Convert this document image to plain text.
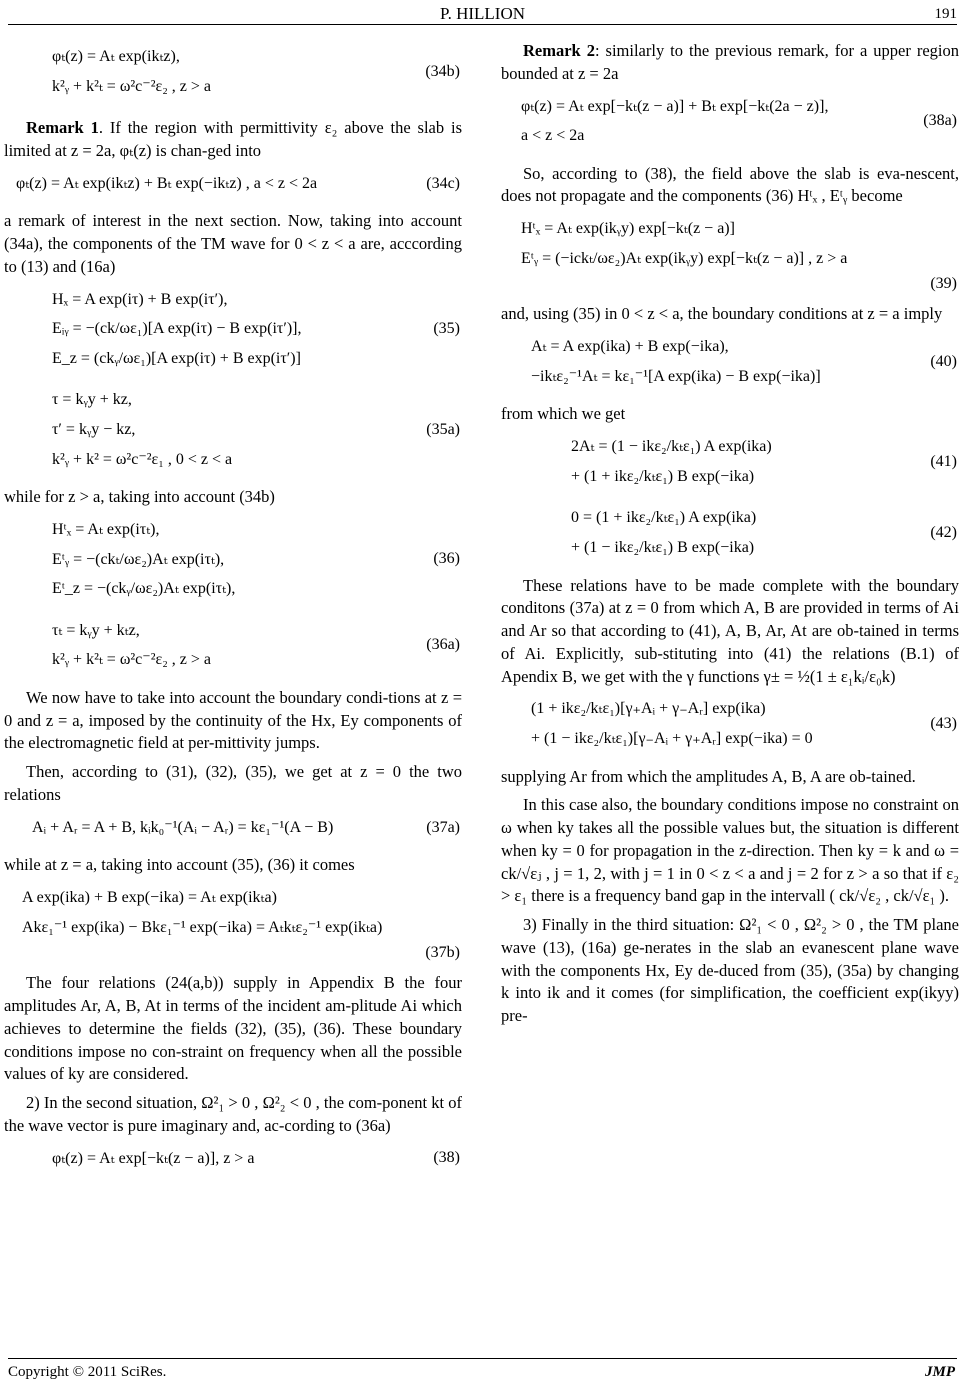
P. HILLION	191
φₜ(z) = Aₜ exp(ikₜz),
k²ᵧ + k²ₜ = ω²c⁻²ε₂ , z > a
(34b)

Remark 1. If the region with permittivity ε₂ above the slab is limited at z = 2a, φₜ(z) is chan-ged into

φₜ(z) = Aₜ exp(ikₜz) + Bₜ exp(−ikₜz) , a < z < 2a	(34c)

a remark of interest in the next section. Now, taking into account (34a), the components of the TM wave for 0 < z < a are, acccording to (13) and (16a)

Hₓ = A exp(iτ) + B exp(iτ′),
Eᵢᵧ = −(ck/ωε₁)[A exp(iτ) − B exp(iτ′)],
E_z = (ckᵧ/ωε₁)[A exp(iτ) + B exp(iτ′)]
(35)
τ = kᵧy + kz,
τ′ = kᵧy − kz,
k²ᵧ + k² = ω²c⁻²ε₁ , 0 < z < a
(35a)

while for z > a, taking into account (34b)

Hᵗₓ = Aₜ exp(iτₜ),
Eᵗᵧ = −(ckₜ/ωε₂)Aₜ exp(iτₜ),
Eᵗ_z = −(ckᵧ/ωε₂)Aₜ exp(iτₜ),
(36)
τₜ = kᵧy + kₜz,
k²ᵧ + k²ₜ = ω²c⁻²ε₂ , z > a
(36a)

We now have to take into account the boundary condi-tions at z = 0 and z = a, imposed by the continuity of the Hx, Ey components of the electromagnetic field at per-mittivity jumps.

Then, according to (31), (32), (35), we get at z = 0 the two relations

Aᵢ + Aᵣ = A + B, kᵢk₀⁻¹(Aᵢ − Aᵣ) = kε₁⁻¹(A − B)	(37a)

while at z = a, taking into account (35), (36) it comes

A exp(ika) + B exp(−ika) = Aₜ exp(ikₜa)
Akε₁⁻¹ exp(ika) − Bkε₁⁻¹ exp(−ika) = Aₜkₜε₂⁻¹ exp(ikₜa)
(37b)

The four relations (24(a,b)) supply in Appendix B the four amplitudes Ar, A, B, At in terms of the incident am-plitude Ai which achieves to determine the fields (32), (35), (36). These boundary conditions impose no con-straint on frequency when all the possible values of ky are considered.

2) In the second situation, Ω²₁ > 0 , Ω²₂ < 0 , the com-ponent kt of the wave vector is pure imaginary and, ac-cording to (36a)

φₜ(z) = Aₜ exp[−kₜ(z − a)], z > a	(38)

Remark 2: similarly to the previous remark, for a upper region bounded at z = 2a

φₜ(z) = Aₜ exp[−kₜ(z − a)] + Bₜ exp[−kₜ(2a − z)],
a < z < 2a
(38a)

So, according to (38), the field above the slab is eva-nescent, does not propagate and the components (36) Hᵗₓ , Eᵗᵧ become

Hᵗₓ = Aₜ exp(ikᵧy) exp[−kₜ(z − a)]
Eᵗᵧ = (−ickₜ/ωε₂)Aₜ exp(ikᵧy) exp[−kₜ(z − a)] , z > a
(39)

and, using (35) in 0 < z < a, the boundary conditions at z = a imply

Aₜ = A exp(ika) + B exp(−ika),
−ikₜε₂⁻¹Aₜ = kε₁⁻¹[A exp(ika) − B exp(−ika)]
(40)

from which we get

2Aₜ = (1 − ikε₂/kₜε₁) A exp(ika)
+ (1 + ikε₂/kₜε₁) B exp(−ika)
(41)
0 = (1 + ikε₂/kₜε₁) A exp(ika)
+ (1 − ikε₂/kₜε₁) B exp(−ika)
(42)

These relations have to be made complete with the boundary conditons (37a) at z = 0 from which A, B are provided in terms of Ai and Ar so that according to (41), A, B, Ar, At are ob-tained in terms of Ai. Explicitly, sub-stituting into (41) the relations (B.1) of Apendix B, we get with the γ functions γ± = ½(1 ± ε₁kᵢ/ε₀k)

(1 + ikε₂/kₜε₁)[γ₊Aᵢ + γ₋Aᵣ] exp(ika)
+ (1 − ikε₂/kₜε₁)[γ₋Aᵢ + γ₊Aᵣ] exp(−ika) = 0
(43)

supplying Ar from which the amplitudes A, B, A are ob-tained.

In this case also, the boundary conditions impose no constraint on ω when ky takes all the possible values but, the situation is different when ky = 0 for propagation in the z-direction. Then ky = k and ω = ck/√εⱼ , j = 1, 2, with j = 1 in 0 < z < a and j = 2 for z > a so that if ε₂ > ε₁ there is a frequency band gap in the intervall ( ck/√ε₂ , ck/√ε₁ ).

3) Finally in the third situation: Ω²₁ < 0 , Ω²₂ > 0 , the TM plane wave (13), (16a) ge-nerates in the slab an evanescent plane wave with the components Hx, Ey de-duced from (35), (35a) by changing k into ik and it comes (for simplification, the coefficient exp(ikyy) pre-

Copyright © 2011 SciRes.	JMP
